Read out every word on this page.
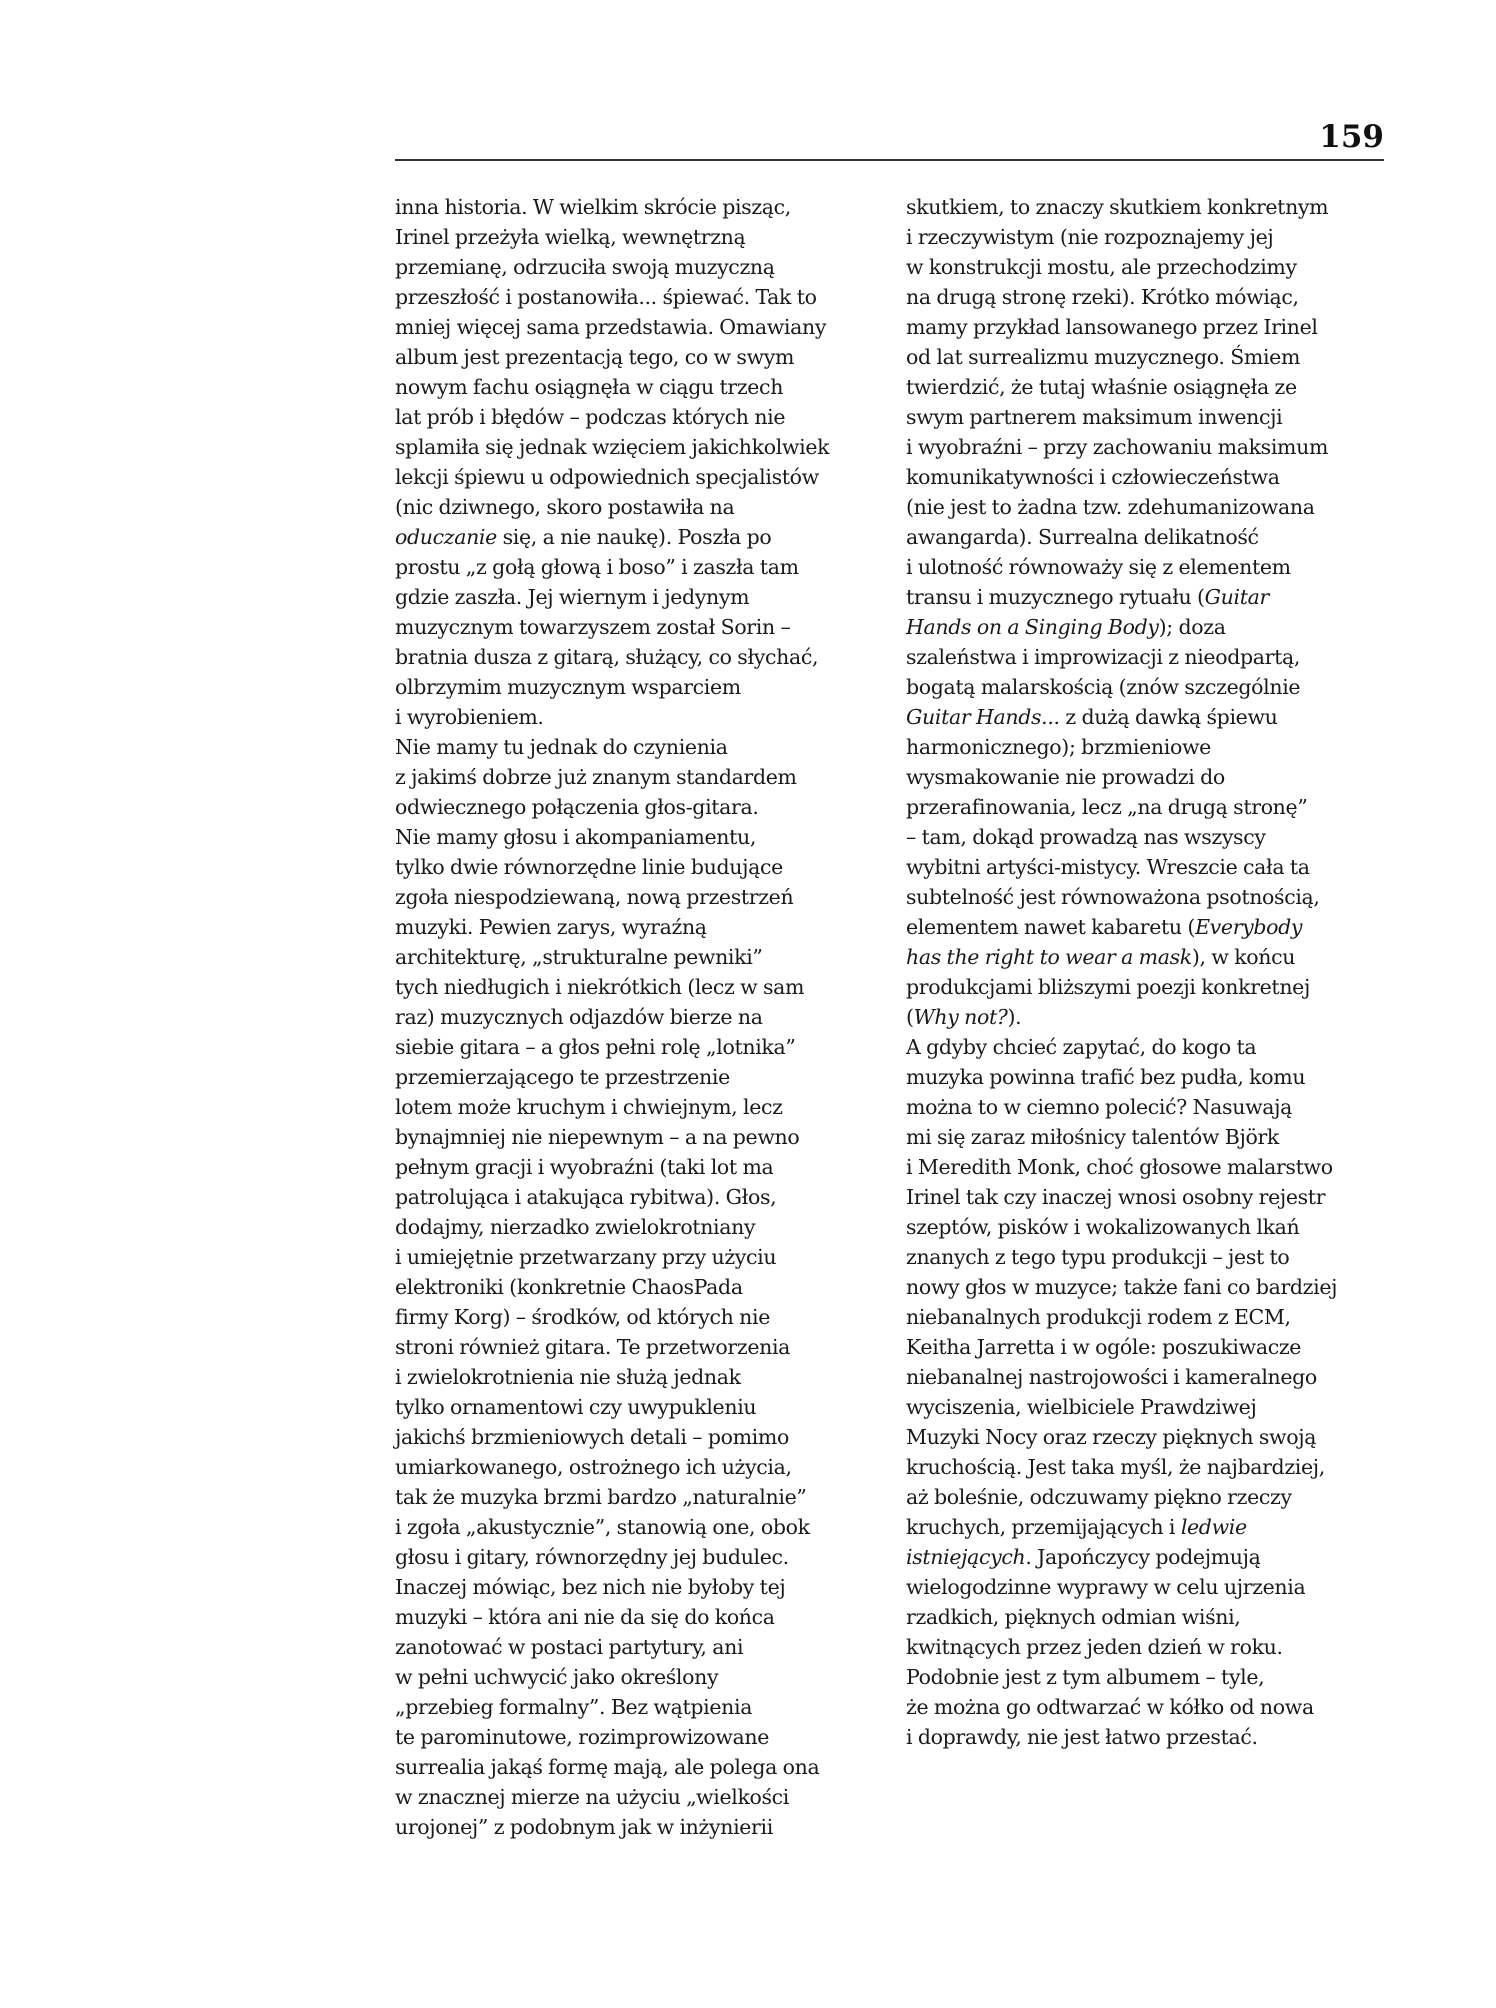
159
inna historia. W wielkim skrócie pisząc,
Irinel przeżyła wielką, wewnętrzną
przemianę, odrzuciła swoją muzyczną
przeszłość i postanowiła... śpiewać. Tak to
mniej więcej sama przedstawia. Omawiany
album jest prezentacją tego, co w swym
nowym fachu osiągnęła w ciągu trzech
lat prób i błędów – podczas których nie
splamiła się jednak wzięciem jakichkolwiek
lekcji śpiewu u odpowiednich specjalistów
(nic dziwnego, skoro postawiła na
oduczanie się, a nie naukę). Poszła po
prostu „z gołą głową i boso” i zaszła tam
gdzie zaszła. Jej wiernym i jedynym
muzycznym towarzyszem został Sorin –
bratnia dusza z gitarą, służący, co słychać,
olbrzymim muzycznym wsparciem
i wyrobieniem.
Nie mamy tu jednak do czynienia
z jakimś dobrze już znanym standardem
odwiecznego połączenia głos-gitara.
Nie mamy głosu i akompaniamentu,
tylko dwie równorzędne linie budujące
zgoła niespodziewaną, nową przestrzeń
muzyki. Pewien zarys, wyraźną
architekturę, „strukturalne pewniki”
tych niedługich i niekrótkich (lecz w sam
raz) muzycznych odjazdów bierze na
siebie gitara – a głos pełni rolę „lotnika”
przemierzającego te przestrzenie
lotem może kruchym i chwiejnym, lecz
bynajmniej nie niepewnym – a na pewno
pełnym gracji i wyobraźni (taki lot ma
patrolująca i atakująca rybitwa). Głos,
dodajmy, nierzadko zwielokrotniany
i umiejętnie przetwarzany przy użyciu
elektroniki (konkretnie ChaosPada
firmy Korg) – środków, od których nie
stroni również gitara. Te przetworzenia
i zwielokrotnienia nie służą jednak
tylko ornamentowi czy uwypukleniu
jakichś brzmieniowych detali – pomimo
umiarkowanego, ostrożnego ich użycia,
tak że muzyka brzmi bardzo „naturalnie”
i zgoła „akustycznie”, stanowią one, obok
głosu i gitary, równorzędny jej budulec.
Inaczej mówiąc, bez nich nie byłoby tej
muzyki – która ani nie da się do końca
zanotować w postaci partytury, ani
w pełni uchwycić jako określony
„przebieg formalny”. Bez wątpienia
te parominutowe, rozimprowizowane
surrealia jakąś formę mają, ale polega ona
w znacznej mierze na użyciu „wielkości
urojonej” z podobnym jak w inżynierii
skutkiem, to znaczy skutkiem konkretnym
i rzeczywistym (nie rozpoznajemy jej
w konstrukcji mostu, ale przechodzimy
na drugą stronę rzeki). Krótko mówiąc,
mamy przykład lansowanego przez Irinel
od lat surrealizmu muzycznego. Śmiem
twierdzić, że tutaj właśnie osiągnęła ze
swym partnerem maksimum inwencji
i wyobraźni – przy zachowaniu maksimum
komunikatywności i człowieczeństwa
(nie jest to żadna tzw. zdehumanizowana
awangarda). Surrealna delikatność
i ulotność równoważy się z elementem
transu i muzycznego rytuału (Guitar
Hands on a Singing Body); doza
szaleństwa i improwizacji z nieodpartą,
bogatą malarskością (znów szczególnie
Guitar Hands... z dużą dawką śpiewu
harmonicznego); brzmieniowe
wysmakowanie nie prowadzi do
przerafinowania, lecz „na drugą stronę”
– tam, dokąd prowadzą nas wszyscy
wybitni artyści-mistycy. Wreszcie cała ta
subtelność jest równoważona psotnością,
elementem nawet kabaretu (Everybody
has the right to wear a mask), w końcu
produkcjami bliższymi poezji konkretnej
(Why not?).
A gdyby chcieć zapytać, do kogo ta
muzyka powinna trafić bez pudła, komu
można to w ciemno polecić? Nasuwają
mi się zaraz miłośnicy talentów Björk
i Meredith Monk, choć głosowe malarstwo
Irinel tak czy inaczej wnosi osobny rejestr
szeptów, pisków i wokalizowanych lkań
znanych z tego typu produkcji – jest to
nowy głos w muzyce; także fani co bardziej
niebanalnych produkcji rodem z ECM,
Keitha Jarretta i w ogóle: poszukiwacze
niebanalnej nastrojowości i kameralnego
wyciszenia, wielbiciele Prawdziwej
Muzyki Nocy oraz rzeczy pięknych swoją
kruchością. Jest taka myśl, że najbardziej,
aż boleśnie, odczuwamy piękno rzeczy
kruchych, przemijających i ledwie
istniejących. Japończycy podejmują
wielogodzinne wyprawy w celu ujrzenia
rzadkich, pięknych odmian wiśni,
kwitnących przez jeden dzień w roku.
Podobnie jest z tym albumem – tyle,
że można go odtwarzać w kółko od nowa
i doprawdy, nie jest łatwo przestać.
